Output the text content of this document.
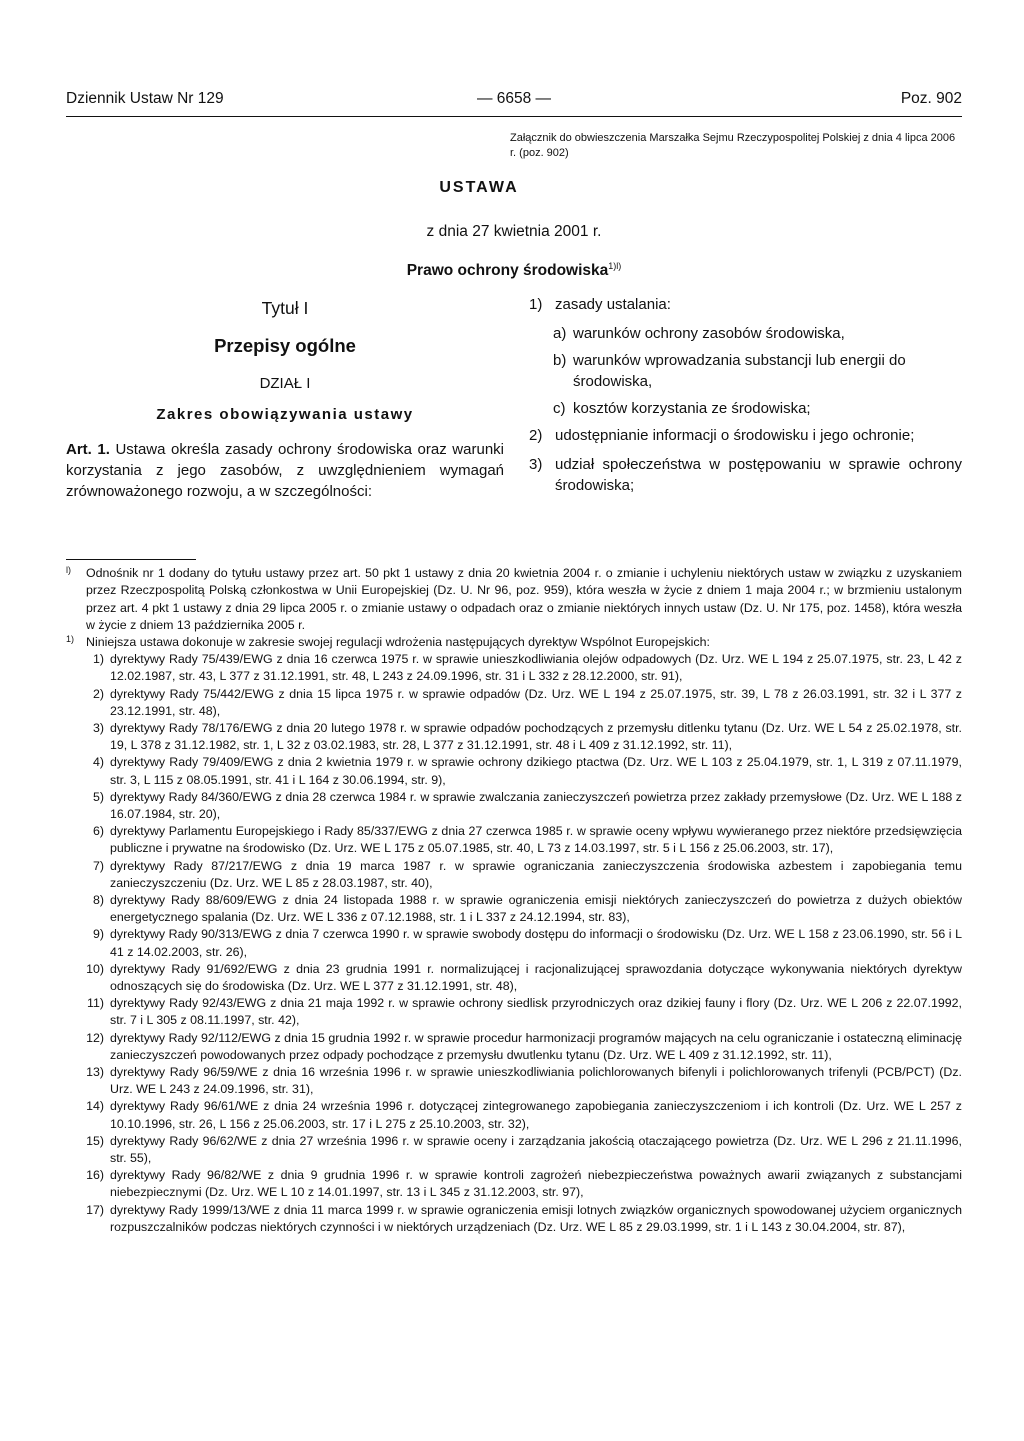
Dziennik Ustaw Nr 129	— 6658 —	Poz. 902
Załącznik do obwieszczenia Marszałka Sejmu Rzeczypospolitej Polskiej z dnia 4 lipca 2006 r. (poz. 902)
USTAWA
z dnia 27 kwietnia 2001 r.
Prawo ochrony środowiska$^{1)l)}$
Tytuł I
Przepisy ogólne
DZIAŁ I
Zakres obowiązywania ustawy
Art. 1. Ustawa określa zasady ochrony środowiska oraz warunki korzystania z jego zasobów, z uwzględnieniem wymagań zrównoważonego rozwoju, a w szczególności:
1) zasady ustalania:
a) warunków ochrony zasobów środowiska,
b) warunków wprowadzania substancji lub energii do środowiska,
c) kosztów korzystania ze środowiska;
2) udostępnianie informacji o środowisku i jego ochronie;
3) udział społeczeństwa w postępowaniu w sprawie ochrony środowiska;
l) Odnośnik nr 1 dodany do tytułu ustawy przez art. 50 pkt 1 ustawy z dnia 20 kwietnia 2004 r. o zmianie i uchyleniu niektórych ustaw w związku z uzyskaniem przez Rzeczpospolitą Polską członkostwa w Unii Europejskiej (Dz. U. Nr 96, poz. 959), która weszła w życie z dniem 1 maja 2004 r.; w brzmieniu ustalonym przez art. 4 pkt 1 ustawy z dnia 29 lipca 2005 r. o zmianie ustawy o odpadach oraz o zmianie niektórych innych ustaw (Dz. U. Nr 175, poz. 1458), która weszła w życie z dniem 13 października 2005 r.
1) Niniejsza ustawa dokonuje w zakresie swojej regulacji wdrożenia następujących dyrektyw Wspólnot Europejskich:
1) dyrektywy Rady 75/439/EWG z dnia 16 czerwca 1975 r. w sprawie unieszkodliwiania olejów odpadowych (Dz. Urz. WE L 194 z 25.07.1975, str. 23, L 42 z 12.02.1987, str. 43, L 377 z 31.12.1991, str. 48, L 243 z 24.09.1996, str. 31 i L 332 z 28.12.2000, str. 91),
2) dyrektywy Rady 75/442/EWG z dnia 15 lipca 1975 r. w sprawie odpadów (Dz. Urz. WE L 194 z 25.07.1975, str. 39, L 78 z 26.03.1991, str. 32 i L 377 z 23.12.1991, str. 48),
3) dyrektywy Rady 78/176/EWG z dnia 20 lutego 1978 r. w sprawie odpadów pochodzących z przemysłu ditlenku tytanu (Dz. Urz. WE L 54 z 25.02.1978, str. 19, L 378 z 31.12.1982, str. 1, L 32 z 03.02.1983, str. 28, L 377 z 31.12.1991, str. 48 i L 409 z 31.12.1992, str. 11),
4) dyrektywy Rady 79/409/EWG z dnia 2 kwietnia 1979 r. w sprawie ochrony dzikiego ptactwa (Dz. Urz. WE L 103 z 25.04.1979, str. 1, L 319 z 07.11.1979, str. 3, L 115 z 08.05.1991, str. 41 i L 164 z 30.06.1994, str. 9),
5) dyrektywy Rady 84/360/EWG z dnia 28 czerwca 1984 r. w sprawie zwalczania zanieczyszczeń powietrza przez zakłady przemysłowe (Dz. Urz. WE L 188 z 16.07.1984, str. 20),
6) dyrektywy Parlamentu Europejskiego i Rady 85/337/EWG z dnia 27 czerwca 1985 r. w sprawie oceny wpływu wywieranego przez niektóre przedsięwzięcia publiczne i prywatne na środowisko (Dz. Urz. WE L 175 z 05.07.1985, str. 40, L 73 z 14.03.1997, str. 5 i L 156 z 25.06.2003, str. 17),
7) dyrektywy Rady 87/217/EWG z dnia 19 marca 1987 r. w sprawie ograniczania zanieczyszczenia środowiska azbestem i zapobiegania temu zanieczyszczeniu (Dz. Urz. WE L 85 z 28.03.1987, str. 40),
8) dyrektywy Rady 88/609/EWG z dnia 24 listopada 1988 r. w sprawie ograniczenia emisji niektórych zanieczyszczeń do powietrza z dużych obiektów energetycznego spalania (Dz. Urz. WE L 336 z 07.12.1988, str. 1 i L 337 z 24.12.1994, str. 83),
9) dyrektywy Rady 90/313/EWG z dnia 7 czerwca 1990 r. w sprawie swobody dostępu do informacji o środowisku (Dz. Urz. WE L 158 z 23.06.1990, str. 56 i L 41 z 14.02.2003, str. 26),
10) dyrektywy Rady 91/692/EWG z dnia 23 grudnia 1991 r. normalizującej i racjonalizującej sprawozdania dotyczące wykonywania niektórych dyrektyw odnoszących się do środowiska (Dz. Urz. WE L 377 z 31.12.1991, str. 48),
11) dyrektywy Rady 92/43/EWG z dnia 21 maja 1992 r. w sprawie ochrony siedlisk przyrodniczych oraz dzikiej fauny i flory (Dz. Urz. WE L 206 z 22.07.1992, str. 7 i L 305 z 08.11.1997, str. 42),
12) dyrektywy Rady 92/112/EWG z dnia 15 grudnia 1992 r. w sprawie procedur harmonizacji programów mających na celu ograniczanie i ostateczną eliminację zanieczyszczeń powodowanych przez odpady pochodzące z przemysłu dwutlenku tytanu (Dz. Urz. WE L 409 z 31.12.1992, str. 11),
13) dyrektywy Rady 96/59/WE z dnia 16 września 1996 r. w sprawie unieszkodliwiania polichlorowanych bifenyli i polichlorowanych trifenyli (PCB/PCT) (Dz. Urz. WE L 243 z 24.09.1996, str. 31),
14) dyrektywy Rady 96/61/WE z dnia 24 września 1996 r. dotyczącej zintegrowanego zapobiegania zanieczyszczeniom i ich kontroli (Dz. Urz. WE L 257 z 10.10.1996, str. 26, L 156 z 25.06.2003, str. 17 i L 275 z 25.10.2003, str. 32),
15) dyrektywy Rady 96/62/WE z dnia 27 września 1996 r. w sprawie oceny i zarządzania jakością otaczającego powietrza (Dz. Urz. WE L 296 z 21.11.1996, str. 55),
16) dyrektywy Rady 96/82/WE z dnia 9 grudnia 1996 r. w sprawie kontroli zagrożeń niebezpieczeństwa poważnych awarii związanych z substancjami niebezpiecznymi (Dz. Urz. WE L 10 z 14.01.1997, str. 13 i L 345 z 31.12.2003, str. 97),
17) dyrektywy Rady 1999/13/WE z dnia 11 marca 1999 r. w sprawie ograniczenia emisji lotnych związków organicznych spowodowanej użyciem organicznych rozpuszczalników podczas niektórych czynności i w niektórych urządzeniach (Dz. Urz. WE L 85 z 29.03.1999, str. 1 i L 143 z 30.04.2004, str. 87),
